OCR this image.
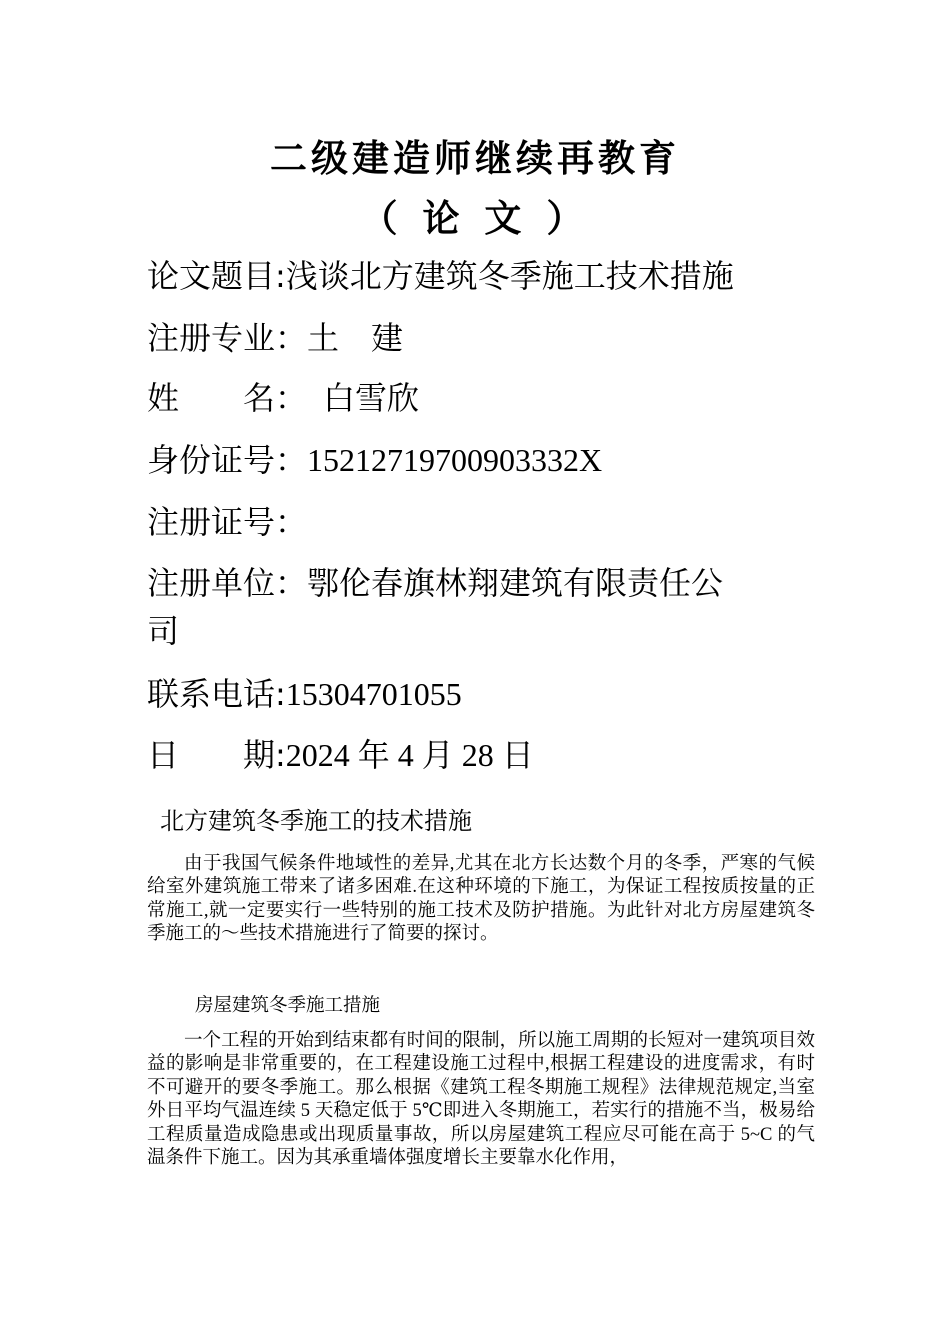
二级建造师继续再教育
（ 论 文 ）
论文题目:浅谈北方建筑冬季施工技术措施
注册专业：土　建
姓　　名：　白雪欣
身份证号：15212719700903332X
注册证号：
注册单位：鄂伦春旗林翔建筑有限责任公
司
联系电话:15304701055
日　　期:2024 年 4 月 28 日
北方建筑冬季施工的技术措施
由于我国气候条件地域性的差异,尤其在北方长达数个月的冬季，严寒的气候给室外建筑施工带来了诸多困难.在这种环境的下施工，为保证工程按质按量的正常施工,就一定要实行一些特别的施工技术及防护措施。为此针对北方房屋建筑冬季施工的～些技术措施进行了简要的探讨。
房屋建筑冬季施工措施
一个工程的开始到结束都有时间的限制，所以施工周期的长短对一建筑项目效益的影响是非常重要的，在工程建设施工过程中,根据工程建设的进度需求，有时不可避开的要冬季施工。那么根据《建筑工程冬期施工规程》法律规范规定,当室外日平均气温连续 5 天稳定低于 5℃即进入冬期施工，若实行的措施不当，极易给工程质量造成隐患或出现质量事故，所以房屋建筑工程应尽可能在高于 5~C 的气温条件下施工。因为其承重墙体强度增长主要靠水化作用，
